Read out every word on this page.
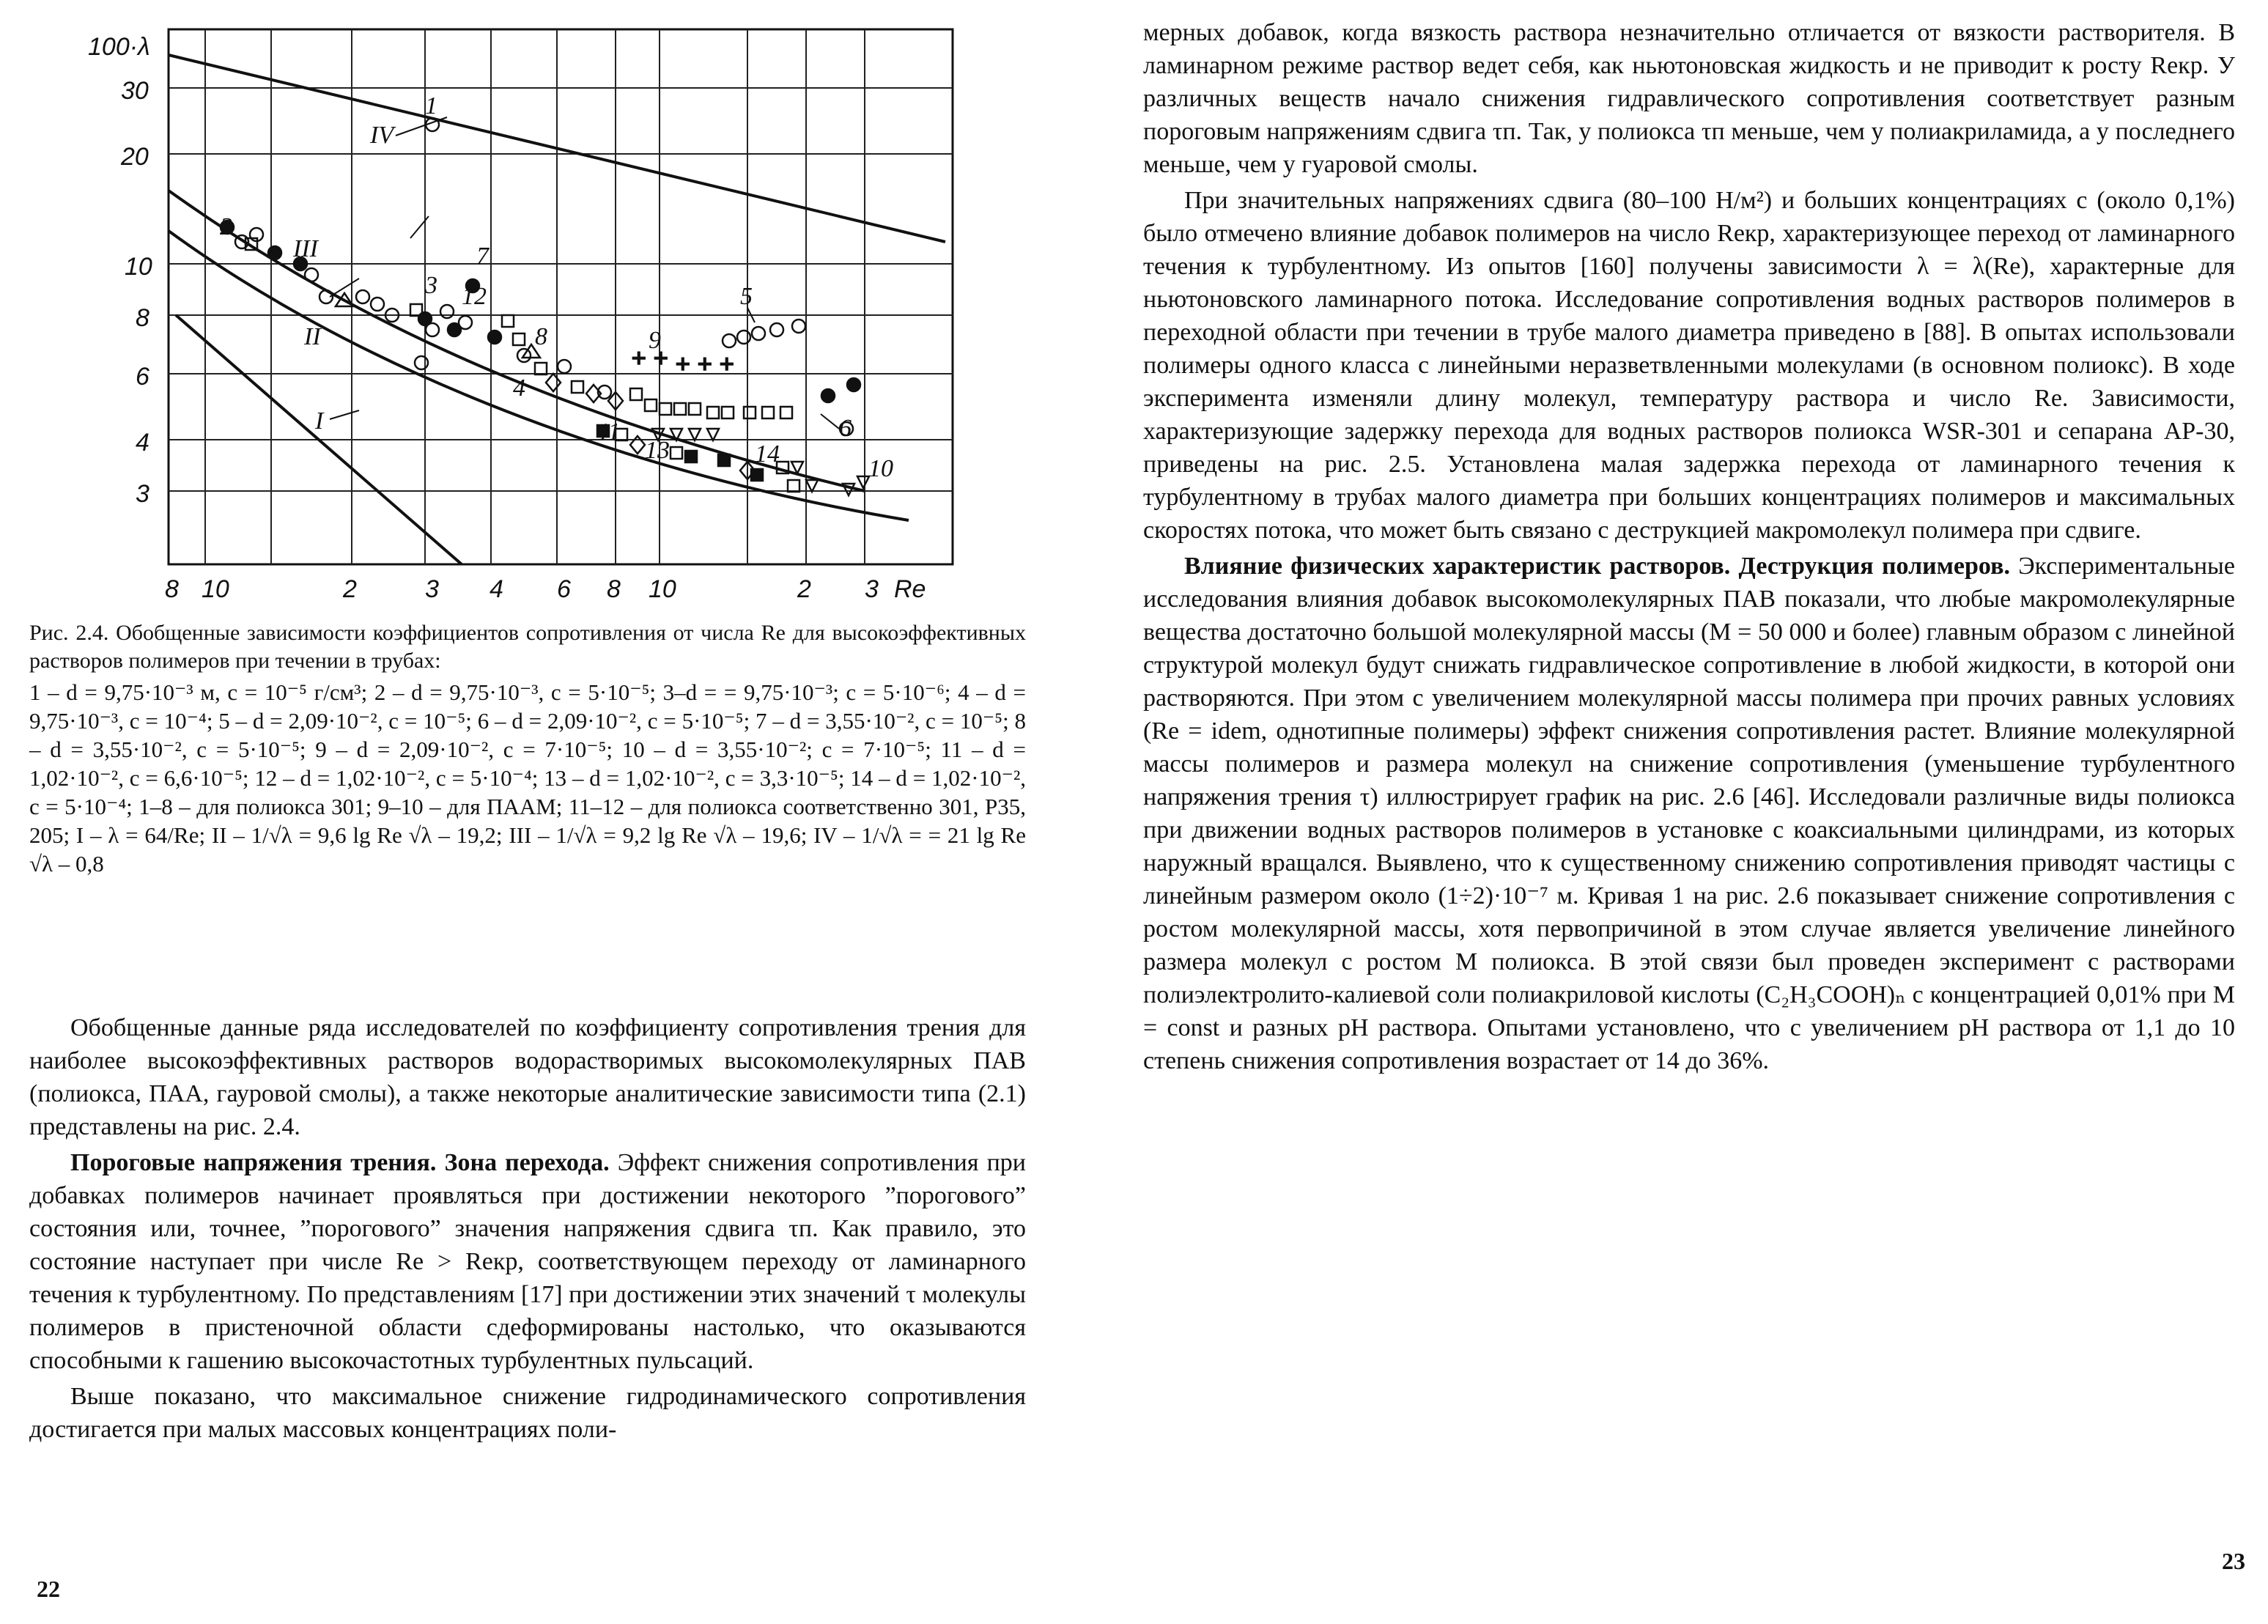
+ + + + +
100·λ
30
20
10
8
6
4
3
8 10	2	3 4 6 8 10	2 3 Re
IV
III
II
I
1
2
3
4
5
6
7
8	9
10
11
12
13	14

Рис. 2.4. Обобщенные зависимости коэффициентов сопротивления от числа Re для высокоэффективных растворов полимеров при течении в трубах:

1 – d = 9,75·10⁻³ м, c = 10⁻⁵ г/см³; 2 – d = 9,75·10⁻³, c = 5·10⁻⁵; 3–d = = 9,75·10⁻³; c = 5·10⁻⁶; 4 – d = 9,75·10⁻³, c = 10⁻⁴; 5 – d = 2,09·10⁻², c = 10⁻⁵; 6 – d = 2,09·10⁻², c = 5·10⁻⁵; 7 – d = 3,55·10⁻², c = 10⁻⁵; 8 – d = 3,55·10⁻², c = 5·10⁻⁵; 9 – d = 2,09·10⁻², c = 7·10⁻⁵; 10 – d = 3,55·10⁻²; c = 7·10⁻⁵; 11 – d = 1,02·10⁻², c = 6,6·10⁻⁵; 12 – d = 1,02·10⁻², c = 5·10⁻⁴; 13 – d = 1,02·10⁻², c = 3,3·10⁻⁵; 14 – d = 1,02·10⁻², c = 5·10⁻⁴; 1–8 – для полиокса 301; 9–10 – для ПААМ; 11–12 – для полиокса соответственно 301, Р35, 205; I – λ = 64/Re; II – 1/√λ = 9,6 lg Re √λ – 19,2; III – 1/√λ = 9,2 lg Re √λ – 19,6; IV – 1/√λ = = 21 lg Re √λ – 0,8

Обобщенные данные ряда исследователей по коэффициенту сопротивления трения для наиболее высокоэффективных растворов водорастворимых высокомолекулярных ПАВ (полиокса, ПАА, гауровой смолы), а также некоторые аналитические зависимости типа (2.1) представлены на рис. 2.4.

Пороговые напряжения трения. Зона перехода. Эффект снижения сопротивления при добавках полимеров начинает проявляться при достижении некоторого ”порогового” состояния или, точнее, ”порогового” значения напряжения сдвига τп. Как правило, это состояние наступает при числе Re > Reкр, соответствующем переходу от ламинарного течения к турбулентному. По представлениям [17] при достижении этих значений τ молекулы полимеров в пристеночной области сдеформированы настолько, что оказываются способными к гашению высокочастотных турбулентных пульсаций.

Выше показано, что максимальное снижение гидродинамического сопротивления достигается при малых массовых концентрациях поли-

22

мерных добавок, когда вязкость раствора незначительно отличается от вязкости растворителя. В ламинарном режиме раствор ведет себя, как ньютоновская жидкость и не приводит к росту Reкр. У различных веществ начало снижения гидравлического сопротивления соответствует разным пороговым напряжениям сдвига τп. Так, у полиокса τп меньше, чем у полиакриламида, а у последнего меньше, чем у гуаровой смолы.

При значительных напряжениях сдвига (80–100 Н/м²) и больших концентрациях c (около 0,1%) было отмечено влияние добавок полимеров на число Reкр, характеризующее переход от ламинарного течения к турбулентному. Из опытов [160] получены зависимости λ = λ(Re), характерные для ньютоновского ламинарного потока. Исследование сопротивления водных растворов полимеров в переходной области при течении в трубе малого диаметра приведено в [88]. В опытах использовали полимеры одного класса с линейными неразветвленными молекулами (в основном полиокс). В ходе эксперимента изменяли длину молекул, температуру раствора и число Re. Зависимости, характеризующие задержку перехода для водных растворов полиокса WSR-301 и сепарана АР-30, приведены на рис. 2.5. Установлена малая задержка перехода от ламинарного течения к турбулентному в трубах малого диаметра при больших концентрациях полимеров и максимальных скоростях потока, что может быть связано с деструкцией макромолекул полимера при сдвиге.

Влияние физических характеристик растворов. Деструкция полимеров. Экспериментальные исследования влияния добавок высокомолекулярных ПАВ показали, что любые макромолекулярные вещества достаточно большой молекулярной массы (M = 50 000 и более) главным образом с линейной структурой молекул будут снижать гидравлическое сопротивление в любой жидкости, в которой они растворяются. При этом с увеличением молекулярной массы полимера при прочих равных условиях (Re = idem, однотипные полимеры) эффект снижения сопротивления растет. Влияние молекулярной массы полимеров и размера молекул на снижение сопротивления (уменьшение турбулентного напряжения трения τ) иллюстрирует график на рис. 2.6 [46]. Исследовали различные виды полиокса при движении водных растворов полимеров в установке с коаксиальными цилиндрами, из которых наружный вращался. Выявлено, что к существенному снижению сопротивления приводят частицы с линейным размером около (1÷2)·10⁻⁷ м. Кривая 1 на рис. 2.6 показывает снижение сопротивления с ростом молекулярной массы, хотя первопричиной в этом случае является увеличение линейного размера молекул с ростом M полиокса. В этой связи был проведен эксперимент с растворами полиэлектролито-калиевой соли полиакриловой кислоты (C₂H₃COOH)ₙ с концентрацией 0,01% при M = const и разных pH раствора. Опытами установлено, что с увеличением pH раствора от 1,1 до 10 степень снижения сопротивления возрастает от 14 до 36%.

23
